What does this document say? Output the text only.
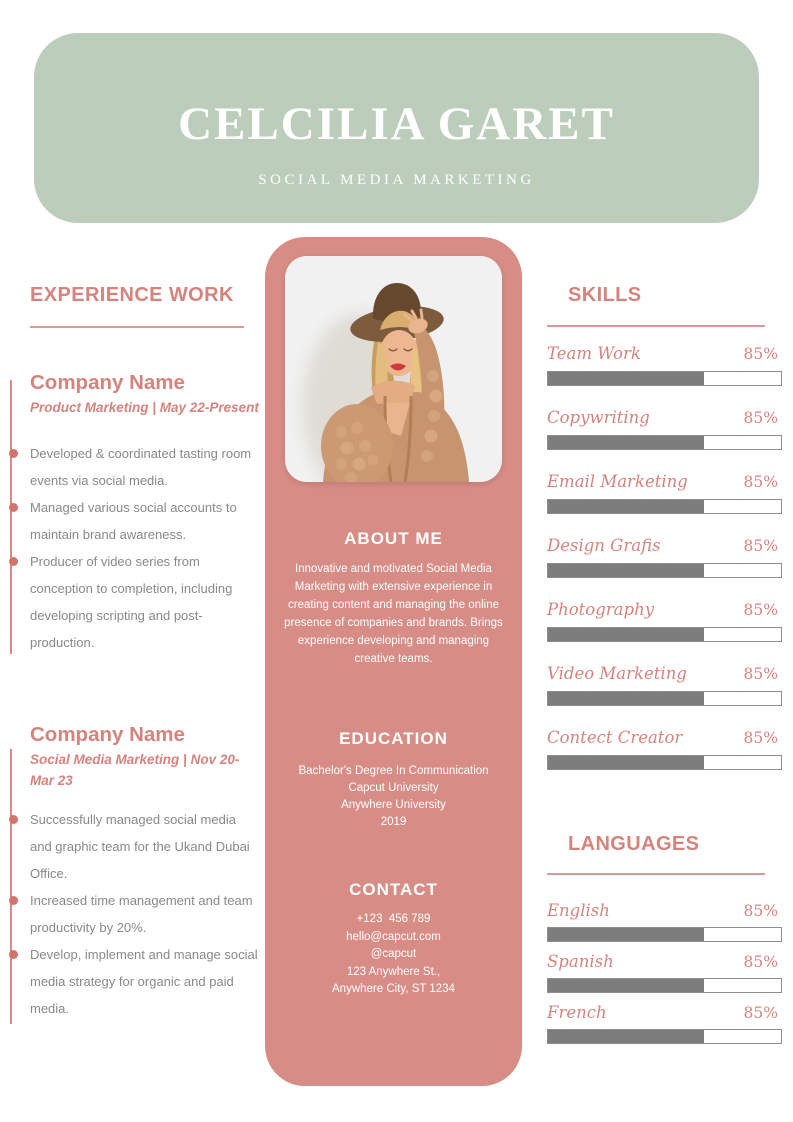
CELCILIA GARET
SOCIAL MEDIA MARKETING
EXPERIENCE WORK
Company Name
Product Marketing | May 22-Present
Developed & coordinated tasting room events via social media.
Managed various social accounts to maintain brand awareness.
Producer of video series from conception to completion, including developing scripting and post-production.
Company Name
Social Media Marketing | Nov 20-Mar 23
Successfully managed social media and graphic team for the Ukand Dubai Office.
Increased time management and team productivity by 20%.
Develop, implement and manage social media strategy for organic and paid media.
ABOUT ME

Innovative and motivated Social Media Marketing with extensive experience in creating content and managing the online presence of companies and brands. Brings experience developing and managing creative teams.

EDUCATION
Bachelor's Degree In Communication
Capcut University
Anywhere University
2019
CONTACT
+123  456 789
hello@capcut.com
@capcut
123 Anywhere St.,
Anywhere City, ST 1234
SKILLS
Team Work	85%
Copywriting	85%
Email Marketing	85%
Design Grafis	85%
Photography	85%
Video Marketing	85%
Contect Creator	85%
LANGUAGES
English	85%
Spanish	85%
French	85%
